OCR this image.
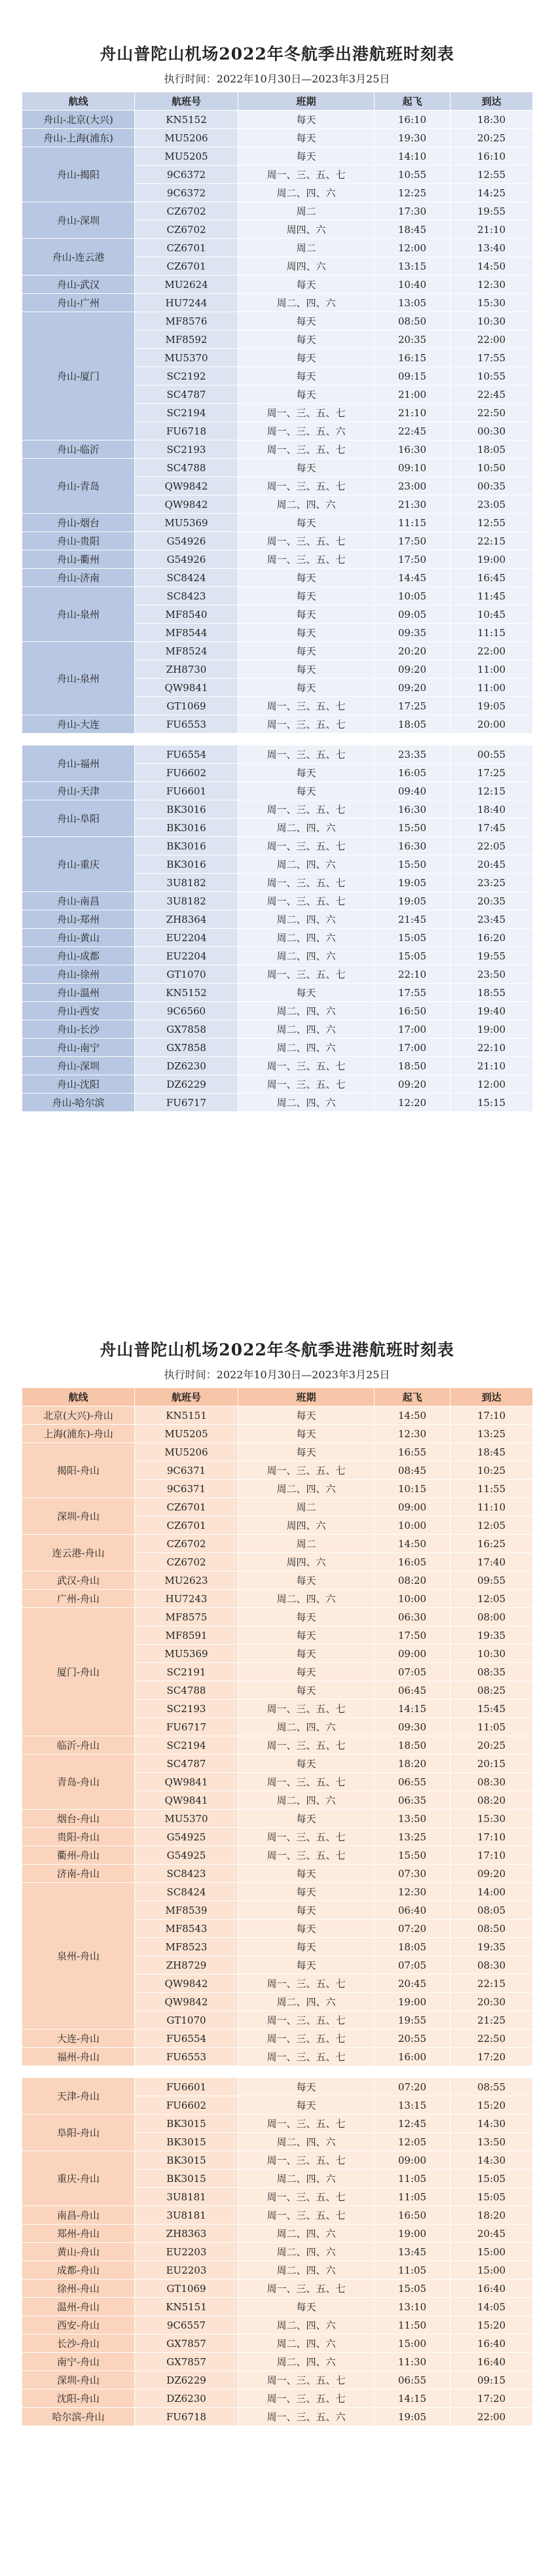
舟山普陀山机场2022年冬航季出港航班时刻表
执行时间：2022年10月30日—2023年3月25日
航线	航班号	班期	起飞	到达
舟山-北京(大兴)	KN5152	每天	16:10	18:30
舟山-上海(浦东)	MU5206	每天	19:30	20:25
舟山-揭阳	MU5205	每天	14:10	16:10
	9C6372	周一、三、五、七	10:55	12:55
	9C6372	周二、四、六	12:25	14:25
舟山-深圳	CZ6702	周二	17:30	19:55
	CZ6702	周四、六	18:45	21:10
舟山-连云港	CZ6701	周二	12:00	13:40
	CZ6701	周四、六	13:15	14:50
舟山-武汉	MU2624	每天	10:40	12:30
舟山-广州	HU7244	周二、四、六	13:05	15:30
舟山-厦门	MF8576	每天	08:50	10:30
	MF8592	每天	20:35	22:00
	MU5370	每天	16:15	17:55
	SC2192	每天	09:15	10:55
	SC4787	每天	21:00	22:45
	SC2194	周一、三、五、七	21:10	22:50
	FU6718	周一、三、五、六	22:45	00:30
舟山-临沂	SC2193	周一、三、五、七	16:30	18:05
舟山-青岛	SC4788	每天	09:10	10:50
	QW9842	周一、三、五、七	23:00	00:35
	QW9842	周二、四、六	21:30	23:05
舟山-烟台	MU5369	每天	11:15	12:55
舟山-贵阳	G54926	周一、三、五、七	17:50	22:15
舟山-衢州	G54926	周一、三、五、七	17:50	19:00
舟山-济南	SC8424	每天	14:45	16:45
舟山-泉州	SC8423	每天	10:05	11:45
	MF8540	每天	09:05	10:45
	MF8544	每天	09:35	11:15
舟山-泉州	MF8524	每天	20:20	22:00
	ZH8730	每天	09:20	11:00
	QW9841	每天	09:20	11:00
	GT1069	周一、三、五、七	17:25	19:05
舟山-大连	FU6553	周一、三、五、七	18:05	20:00

舟山-福州	FU6554	周一、三、五、七	23:35	00:55
	FU6602	每天	16:05	17:25
舟山-天津	FU6601	每天	09:40	12:15
舟山-阜阳	BK3016	周一、三、五、七	16:30	18:40
	BK3016	周二、四、六	15:50	17:45
舟山-重庆	BK3016	周一、三、五、七	16:30	22:05
	BK3016	周二、四、六	15:50	20:45
	3U8182	周一、三、五、七	19:05	23:25
舟山-南昌	3U8182	周一、三、五、七	19:05	20:35
舟山-郑州	ZH8364	周二、四、六	21:45	23:45
舟山-黄山	EU2204	周二、四、六	15:05	16:20
舟山-成都	EU2204	周二、四、六	15:05	19:55
舟山-徐州	GT1070	周一、三、五、七	22:10	23:50
舟山-温州	KN5152	每天	17:55	18:55
舟山-西安	9C6560	周二、四、六	16:50	19:40
舟山-长沙	GX7858	周二、四、六	17:00	19:00
舟山-南宁	GX7858	周二、四、六	17:00	22:10
舟山-深圳	DZ6230	周一、三、五、七	18:50	21:10
舟山-沈阳	DZ6229	周一、三、五、七	09:20	12:00
舟山-哈尔滨	FU6717	周二、四、六	12:20	15:15
舟山普陀山机场2022年冬航季进港航班时刻表
执行时间：2022年10月30日—2023年3月25日
航线	航班号	班期	起飞	到达
北京(大兴)-舟山	KN5151	每天	14:50	17:10
上海(浦东)-舟山	MU5205	每天	12:30	13:25
揭阳-舟山	MU5206	每天	16:55	18:45
	9C6371	周一、三、五、七	08:45	10:25
	9C6371	周二、四、六	10:15	11:55
深圳-舟山	CZ6701	周二	09:00	11:10
	CZ6701	周四、六	10:00	12:05
连云港-舟山	CZ6702	周二	14:50	16:25
	CZ6702	周四、六	16:05	17:40
武汉-舟山	MU2623	每天	08:20	09:55
广州-舟山	HU7243	周二、四、六	10:00	12:05
厦门-舟山	MF8575	每天	06:30	08:00
	MF8591	每天	17:50	19:35
	MU5369	每天	09:00	10:30
	SC2191	每天	07:05	08:35
	SC4788	每天	06:45	08:25
	SC2193	周一、三、五、七	14:15	15:45
	FU6717	周二、四、六	09:30	11:05
临沂-舟山	SC2194	周一、三、五、七	18:50	20:25
青岛-舟山	SC4787	每天	18:20	20:15
	QW9841	周一、三、五、七	06:55	08:30
	QW9841	周二、四、六	06:35	08:20
烟台-舟山	MU5370	每天	13:50	15:30
贵阳-舟山	G54925	周一、三、五、七	13:25	17:10
衢州-舟山	G54925	周一、三、五、七	15:50	17:10
济南-舟山	SC8423	每天	07:30	09:20
泉州-舟山	SC8424	每天	12:30	14:00
	MF8539	每天	06:40	08:05
	MF8543	每天	07:20	08:50
	MF8523	每天	18:05	19:35
	ZH8729	每天	07:05	08:30
	QW9842	周一、三、五、七	20:45	22:15
	QW9842	周二、四、六	19:00	20:30
	GT1070	周一、三、五、七	19:55	21:25
大连-舟山	FU6554	周一、三、五、七	20:55	22:50
福州-舟山	FU6553	周一、三、五、七	16:00	17:20

天津-舟山	FU6601	每天	07:20	08:55
	FU6602	每天	13:15	15:20
阜阳-舟山	BK3015	周一、三、五、七	12:45	14:30
	BK3015	周二、四、六	12:05	13:50
重庆-舟山	BK3015	周一、三、五、七	09:00	14:30
	BK3015	周二、四、六	11:05	15:05
	3U8181	周一、三、五、七	11:05	15:05
南昌-舟山	3U8181	周一、三、五、七	16:50	18:20
郑州-舟山	ZH8363	周二、四、六	19:00	20:45
黄山-舟山	EU2203	周二、四、六	13:45	15:00
成都-舟山	EU2203	周二、四、六	11:05	15:00
徐州-舟山	GT1069	周一、三、五、七	15:05	16:40
温州-舟山	KN5151	每天	13:10	14:05
西安-舟山	9C6557	周二、四、六	11:50	15:20
长沙-舟山	GX7857	周二、四、六	15:00	16:40
南宁-舟山	GX7857	周二、四、六	11:30	16:40
深圳-舟山	DZ6229	周一、三、五、七	06:55	09:15
沈阳-舟山	DZ6230	周一、三、五、七	14:15	17:20
哈尔滨-舟山	FU6718	周一、三、五、六	19:05	22:00
